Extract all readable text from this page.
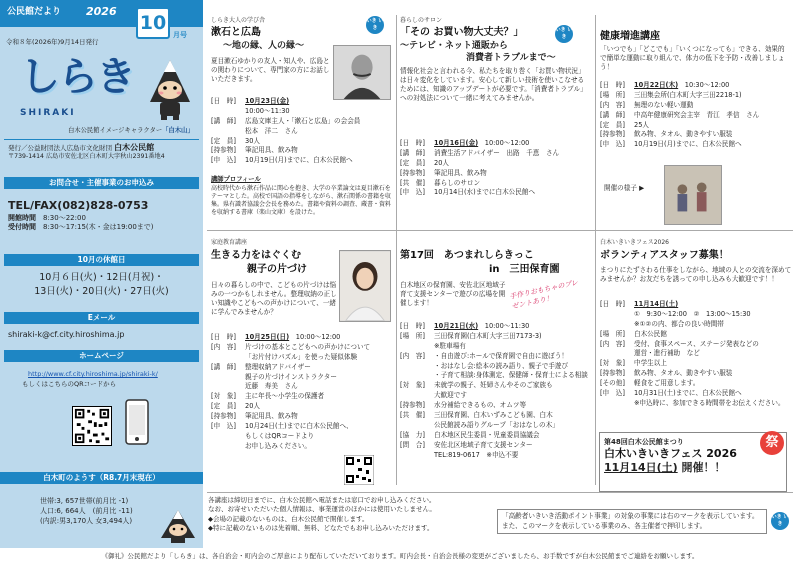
公民館だより 2026
10
月号
令和８年(2026年)9月14日発行
しらき
SHIRAKI
白木公民館イメージキャラクター「白木山」
発行／公益財団法人広島市文化財団 白木公民館
〒739-1414 広島市安佐北区白木町大字秋山2391番地4
お問合せ・主催事業のお申込み
TEL/FAX(082)828-0753
開館時間　 8:30～22:00
受付時間　 8:30～17:15(木・金は19:00まで)
10月の休館日
10月６日(火)・12日(月祝)・
13日(火)・20日(火)・27日(火)
Eメール
shiraki-k@cf.city.hiroshima.jp
ホームページ
http://www.cf.city.hiroshima.jp/shiraki-k/
もしくはこちらのQRコードから
白木町のようす（R8.7月末現在）
世帯:3, 657世帯(前月比 -1)
人口:6, 664人　(前月比 -11)
(内訳:男3,170人 女3,494人)
しらき大人の学び舎	いき いき
漱石と広島
～地の縁、人の縁～
夏目漱石ゆかりの友人・知人や、広島との関わりについて、専門家の方にお話しいただきます。
[日　時] 10月23日(金)
10:00～11:30
[講　師] 広島文庫主人・「漱石と広島」の会会員
松本　洋二　さん
[定　員] 30人
[持参物] 筆記用具、飲み物
[申　込] 10月19日(月)までに、白木公民館へ
講師プロフィール
高校時代から漱石作品に関心を抱き、大学の卒業論文は夏目漱石をテーマとした。高校で国語の指導をしながら、漱石関係の書籍を収集。県有識者協議会会長を務めた。書籍や資料の調査、蔵書・資料を収納する書庫（楽山文庫）を設けた。
暮らしのサロン
いき いき
「その お買い物大丈夫？」
～テレビ・ネット通販から
消費者トラブルまで～
情報化社会と言われる今、私たちを取り巻く「お買い物状況」は日々変化をしています。安心して新しい技術を使いこなせるためには、知識のアップデートが必要です。「消費者トラブル」への対処法について一緒に考えてみませんか。
[日　時] 10月16日(金)　10:00～12:00
[講　師] 消費生活アドバイザー　出路　千恵　さん
[定　員] 20人
[持参物] 筆記用具、飲み物
[共　催] 暮らしのサロン
[申　込] 10月14日(水)までに白木公民館へ
健康増進講座
「いつでも」「どこでも」「いくつになっても」できる、効果的で簡単な運動に取り組んで、体力の低下を予防・改善しましょう！
[日　時] 10月22日(木)　10:30～12:00
[場　所] 三田集会所(白木町大字三田2218-1)
[内　容] 無理のない軽い運動
[講　師] 中高年健康研究会主宰　青江　孝信　さん
[定　員] 25人
[持参物] 飲み物、タオル、動きやすい服装
[申　込] 10月19日(月)までに、白木公民館へ
開催の様子 ▶
家庭教育講座
生きる力をはぐくむ
親子の片づけ
日々の暮らしの中で、こどもの片づけは悩みの一つかもしれません。整理収納の正しい知識やこどもへの声かけについて、一緒に学んでみませんか？
[日　時] 10月25日(日)　10:00～12:00
[内　容] 片づけの基本とこどもへの声かけについて
「お片付けパズル」を使った疑似体験
[講　師] 整理収納アドバイザー
親子の片づけインストラクター
近藤　寿美　さん
[対　象] 主に年長～小学生の保護者
[定　員] 20人
[持参物] 筆記用具、飲み物
[申　込] 10月24日(土)までに白木公民館へ、
もしくはQRコードより
お申し込みください。
第17回　あつまれしらきっこ
in　三田保育園
白木地区の保育園、安佐北区地域子育て支援センターで遊びの広場を開催します！
手作りおもちゃのプレゼントあり！
[日　時] 10月21日(水)　10:00～11:30
[場　所] 三田保育園(白木町大字三田7173-3)
※駐車場有
[内　容] ・自由遊び:ホールで保育園で自由に遊ぼう！
・おはなし会:絵本の読み語り、親子で手遊び
・子育て相談:身体測定、保健師・保育士による相談
[対　象] 未就学の親子、妊婦さんやそのご家族も
大歓迎です
[持参物] 水分補給できるもの、オムツ等
[共　催] 三田保育園、白木いずみこども園、白木
公民館読み語りグループ「おはなしの木」
[協　力] 白木地区民生委員・児童委員協議会
[問　合] 安佐北区地域子育て支援センター
TEL:819-0617　※申込不要
白木いきいきフェス2026
ボランティアスタッフ募集！
まつりにたずさわる仕事をしながら、地域の人との交流を深めてみませんか？お友だちを誘っての申し込みも大歓迎です！！
[日　時] 11月14日(土)
①　9:30～12:00　②　13:00～15:30
※①②の内、都合の良い時間帯
[場　所] 白木公民館
[内　容] 受付、食事スペース、ステージ発表などの
運営・進行補助　など
[対　象] 中学生以上
[持参物] 飲み物、タオル、動きやすい服装
[その他] 軽食をご用意します。
[申　込] 10月31日(土)までに、白木公民館へ
※申込時に、参加できる時間帯をお伝えください。
第48回白木公民館まつり
白木いきいきフェス 2026
11月14日(土) 開催！！
祭
各講座は締切日までに、白木公民館へ電話または窓口でお申し込みください。
なお、お寄せいただいた個人情報は、事業運営のほかには使用いたしません。
◆会場の記載のないものは、白木公民館で開催します。
◆特に記載のないものは先着順、無料、どなたでもお申し込みいただけます。
「高齢者いきいき活動ポイント事業」の対象の事業には右のマークを表示しています。また、このマークを表示している事業のみ、各主催者で押印します。
いき いき
《御礼》公民館だより「しらき」は、各自治会・町内会のご厚意により配布していただいております。町内会長・自治会長様の変更がございましたら、お手数ですが白木公民館までご連絡をお願いします。
